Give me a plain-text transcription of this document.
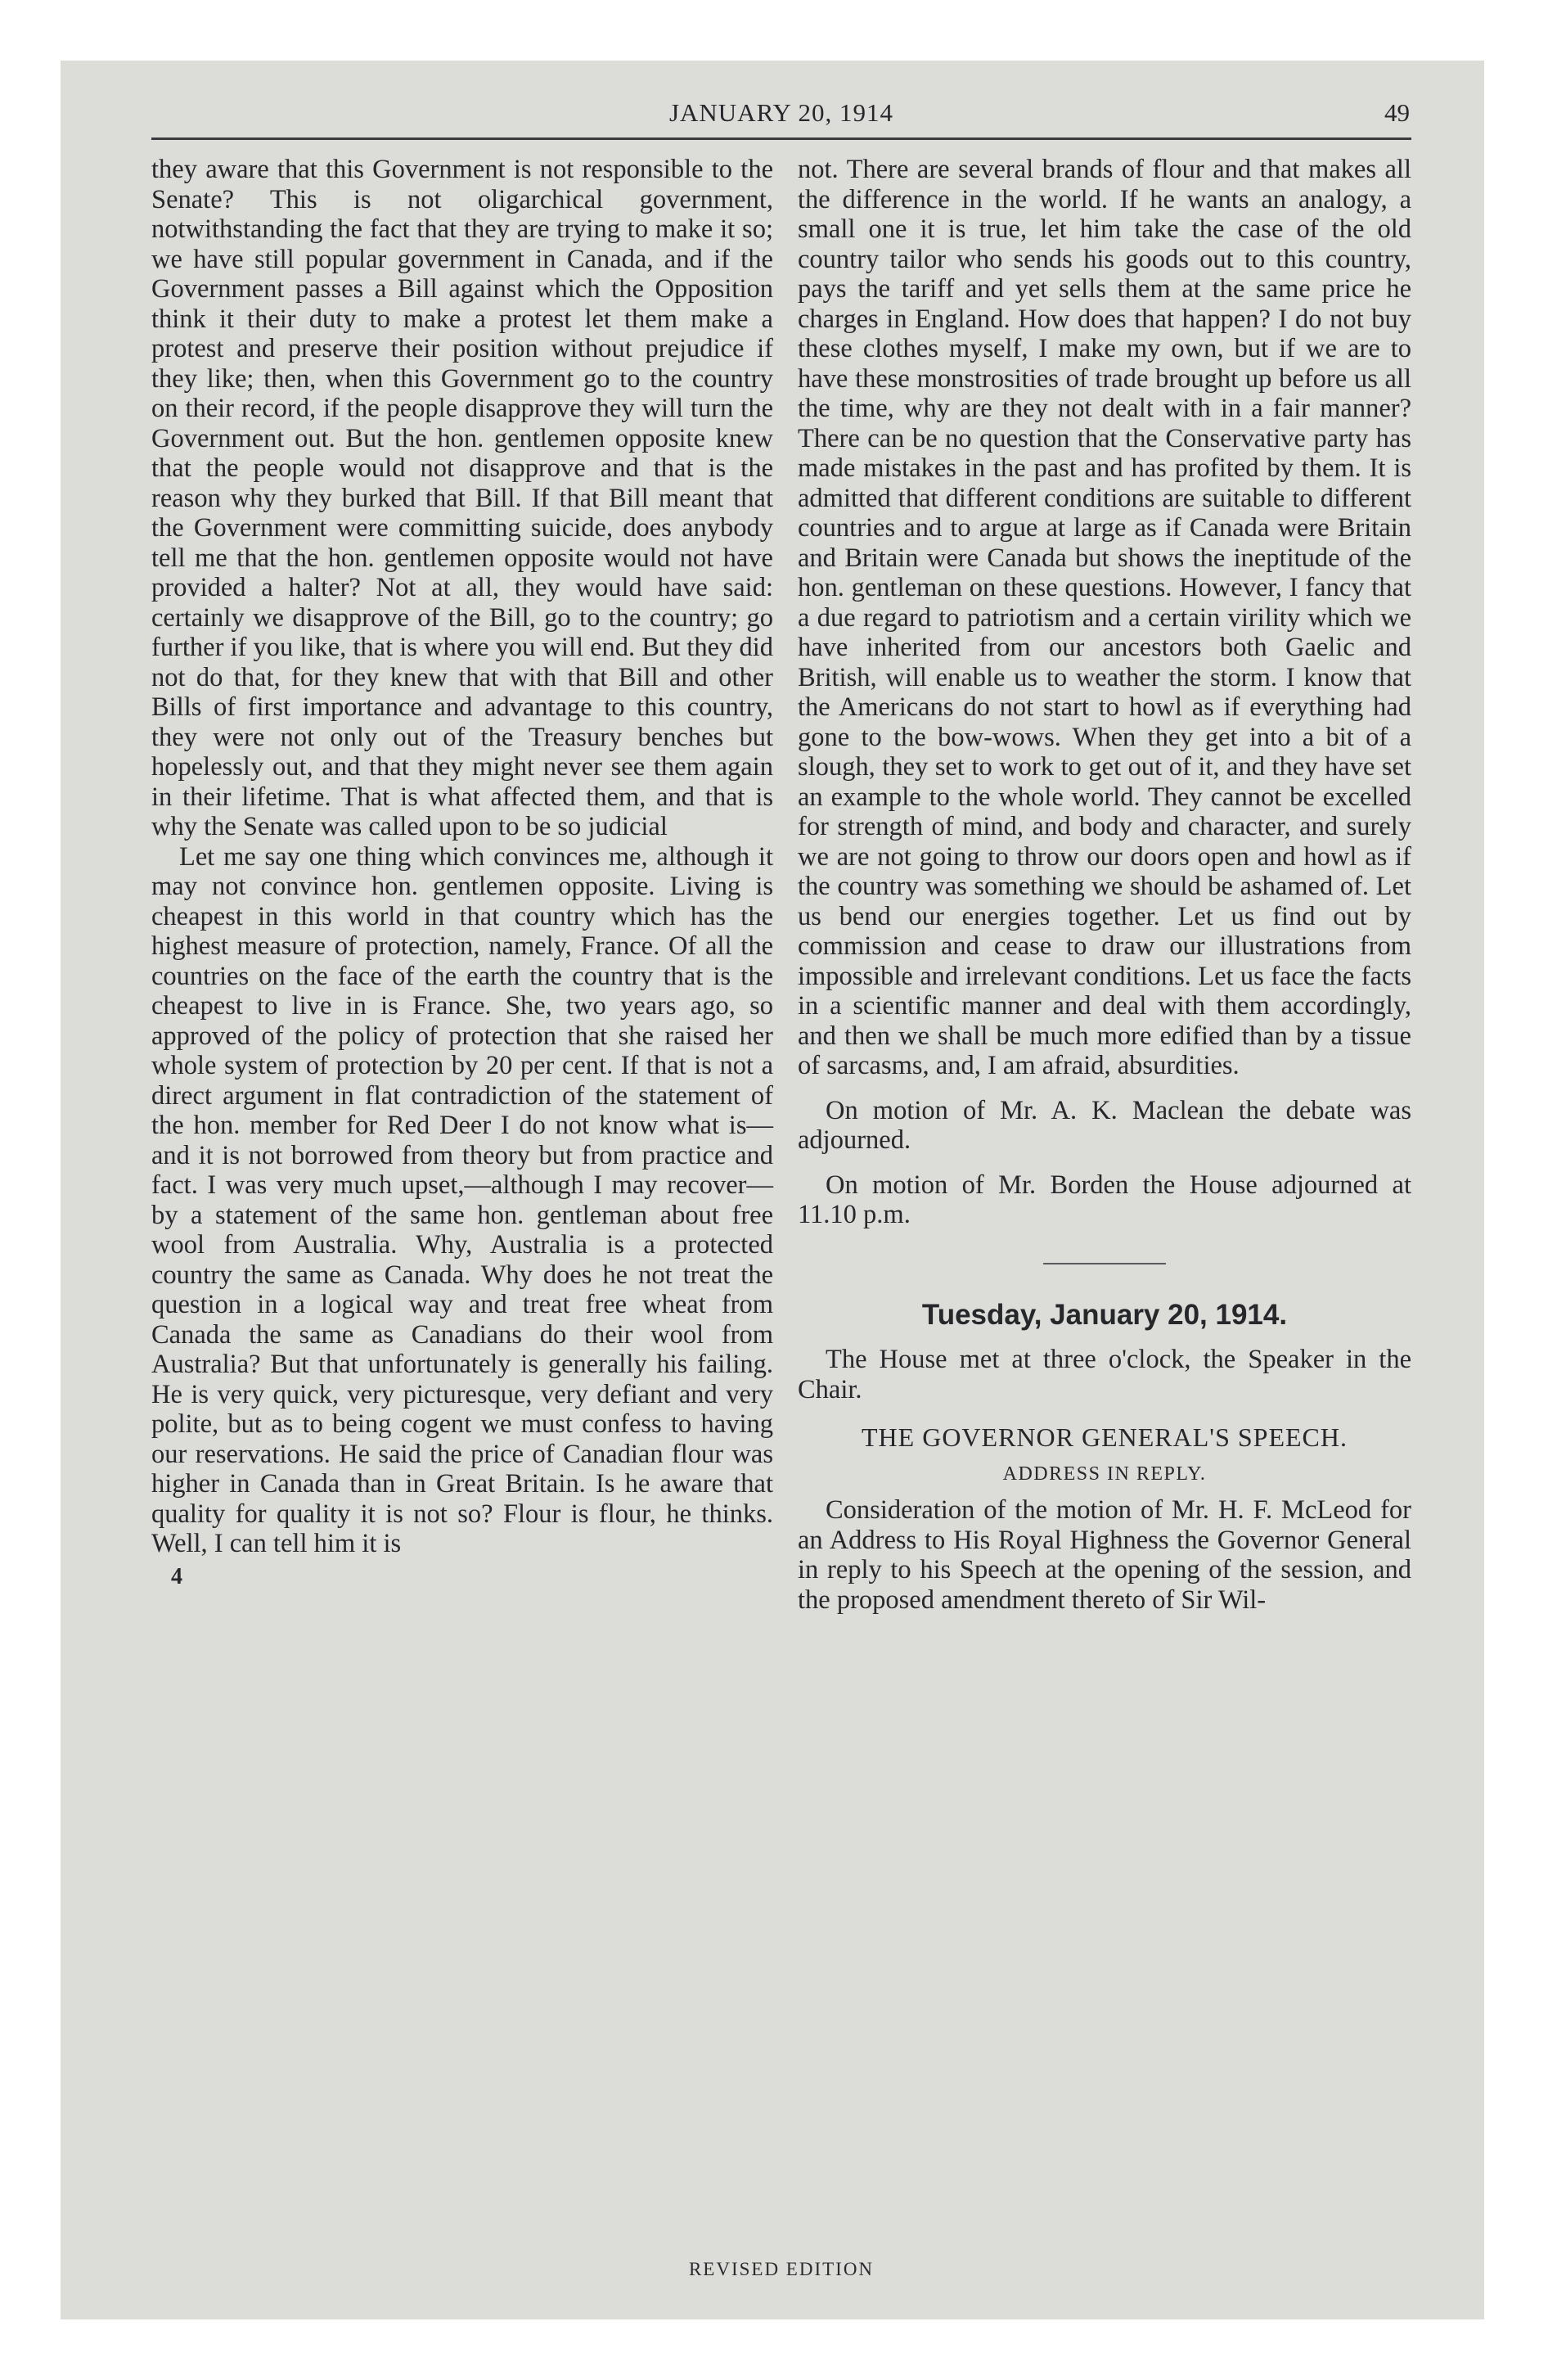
JANUARY 20, 1914	49

they aware that this Government is not responsible to the Senate? This is not oligarchical government, notwithstanding the fact that they are trying to make it so; we have still popular government in Canada, and if the Government passes a Bill against which the Opposition think it their duty to make a protest let them make a protest and preserve their position without prejudice if they like; then, when this Government go to the country on their record, if the people disapprove they will turn the Government out. But the hon. gentlemen opposite knew that the people would not disapprove and that is the reason why they burked that Bill. If that Bill meant that the Government were committing suicide, does anybody tell me that the hon. gentlemen opposite would not have provided a halter? Not at all, they would have said: certainly we disapprove of the Bill, go to the country; go further if you like, that is where you will end. But they did not do that, for they knew that with that Bill and other Bills of first importance and advantage to this country, they were not only out of the Treasury benches but hopelessly out, and that they might never see them again in their lifetime. That is what affected them, and that is why the Senate was called upon to be so judicial

Let me say one thing which convinces me, although it may not convince hon. gentlemen opposite. Living is cheapest in this world in that country which has the highest measure of protection, namely, France. Of all the countries on the face of the earth the country that is the cheapest to live in is France. She, two years ago, so approved of the policy of protection that she raised her whole system of protection by 20 per cent. If that is not a direct argument in flat contradiction of the statement of the hon. member for Red Deer I do not know what is—and it is not borrowed from theory but from practice and fact. I was very much upset,—although I may recover—by a statement of the same hon. gentleman about free wool from Australia. Why, Australia is a protected country the same as Canada. Why does he not treat the question in a logical way and treat free wheat from Canada the same as Canadians do their wool from Australia? But that unfortunately is generally his failing. He is very quick, very picturesque, very defiant and very polite, but as to being cogent we must confess to having our reservations. He said the price of Canadian flour was higher in Canada than in Great Britain. Is he aware that quality for quality it is not so? Flour is flour, he thinks. Well, I can tell him it is

4

not. There are several brands of flour and that makes all the difference in the world. If he wants an analogy, a small one it is true, let him take the case of the old country tailor who sends his goods out to this country, pays the tariff and yet sells them at the same price he charges in England. How does that happen? I do not buy these clothes myself, I make my own, but if we are to have these monstrosities of trade brought up before us all the time, why are they not dealt with in a fair manner? There can be no question that the Conservative party has made mistakes in the past and has profited by them. It is admitted that different conditions are suitable to different countries and to argue at large as if Canada were Britain and Britain were Canada but shows the ineptitude of the hon. gentleman on these questions. However, I fancy that a due regard to patriotism and a certain virility which we have inherited from our ancestors both Gaelic and British, will enable us to weather the storm. I know that the Americans do not start to howl as if everything had gone to the bow-wows. When they get into a bit of a slough, they set to work to get out of it, and they have set an example to the whole world. They cannot be excelled for strength of mind, and body and character, and surely we are not going to throw our doors open and howl as if the country was something we should be ashamed of. Let us bend our energies together. Let us find out by commission and cease to draw our illustrations from impossible and irrelevant conditions. Let us face the facts in a scientific manner and deal with them accordingly, and then we shall be much more edified than by a tissue of sarcasms, and, I am afraid, absurdities.

On motion of Mr. A. K. Maclean the debate was adjourned.

On motion of Mr. Borden the House adjourned at 11.10 p.m.

Tuesday, January 20, 1914.

The House met at three o'clock, the Speaker in the Chair.

THE GOVERNOR GENERAL'S SPEECH.
ADDRESS IN REPLY.

Consideration of the motion of Mr. H. F. McLeod for an Address to His Royal Highness the Governor General in reply to his Speech at the opening of the session, and the proposed amendment thereto of Sir Wil-

REVISED EDITION
